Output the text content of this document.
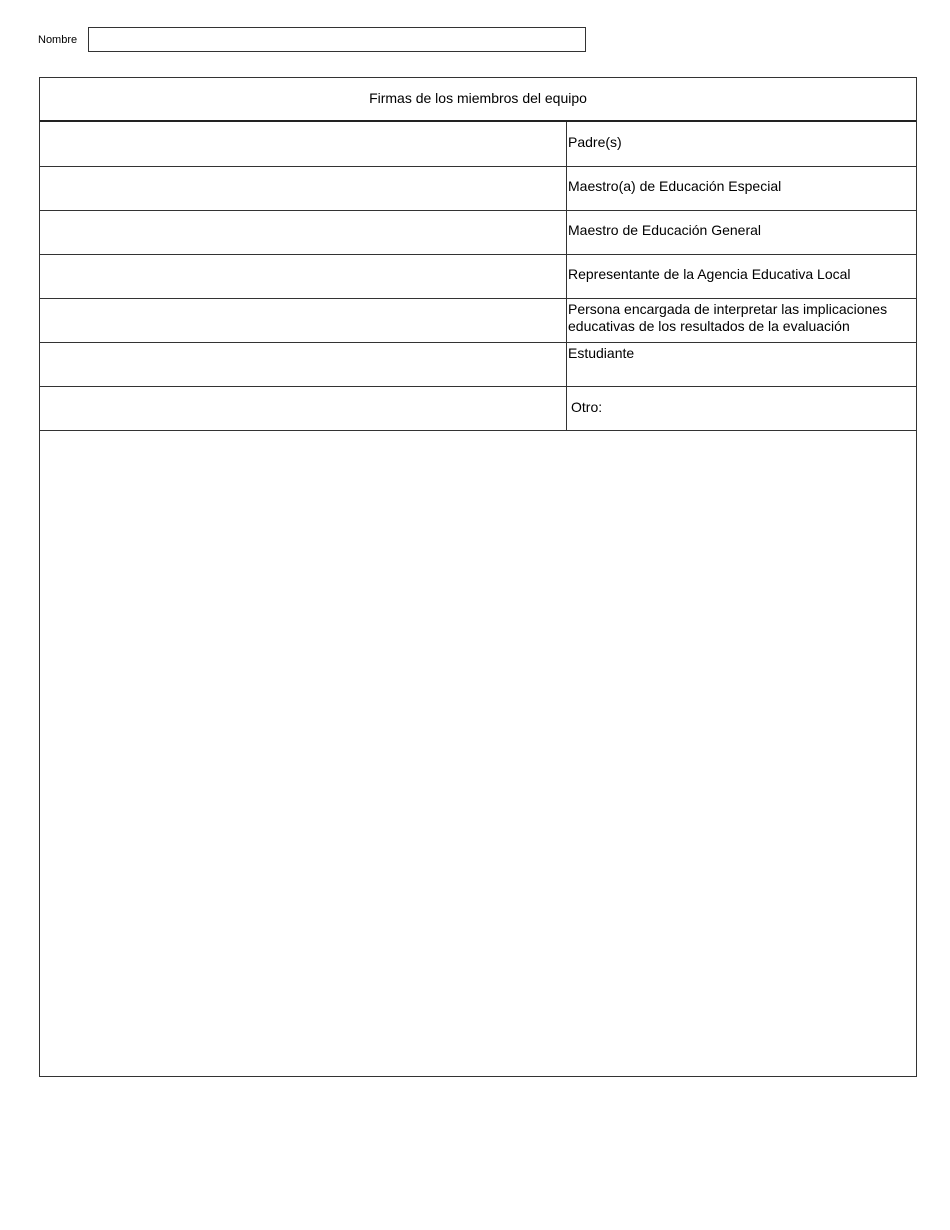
Nombre
Firmas de los miembros del equipo
Padre(s)
Maestro(a) de Educación Especial
Maestro de Educación General
Representante de la Agencia Educativa Local
Persona encargada de interpretar las implicaciones educativas de los resultados de la evaluación
Estudiante
Otro:
